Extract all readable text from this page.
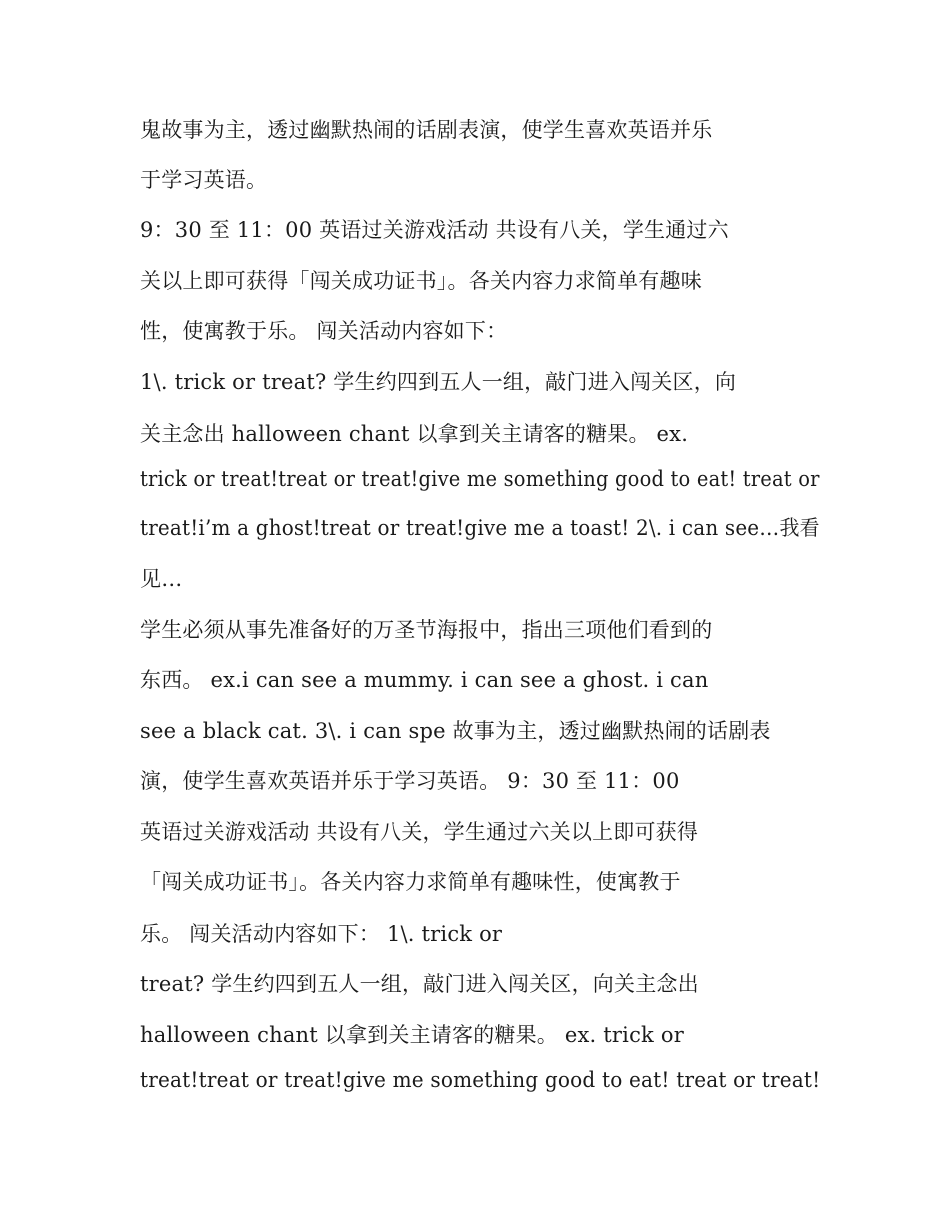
鬼故事为主，透过幽默热闹的话剧表演，使学生喜欢英语并乐
于学习英语。
9：30 至 11：00 英语过关游戏活动 共设有八关，学生通过六
关以上即可获得「闯关成功证书」。各关内容力求简单有趣味
性，使寓教于乐。 闯关活动内容如下：
1\. trick or treat? 学生约四到五人一组，敲门进入闯关区，向
关主念出 halloween chant 以拿到关主请客的糖果。 ex.
trick or treat!treat or treat!give me something good to eat! treat or
treat!i’m a ghost!treat or treat!give me a toast! 2\. i can see…我看
见…
学生必须从事先准备好的万圣节海报中，指出三项他们看到的
东西。 ex.i can see a mummy. i can see a ghost. i can
see a black cat. 3\. i can spe 故事为主，透过幽默热闹的话剧表
演，使学生喜欢英语并乐于学习英语。 9：30 至 11：00
英语过关游戏活动 共设有八关，学生通过六关以上即可获得
「闯关成功证书」。各关内容力求简单有趣味性，使寓教于
乐。 闯关活动内容如下： 1\. trick or
treat? 学生约四到五人一组，敲门进入闯关区，向关主念出
halloween chant 以拿到关主请客的糖果。 ex. trick or
treat!treat or treat!give me something good to eat! treat or treat!
